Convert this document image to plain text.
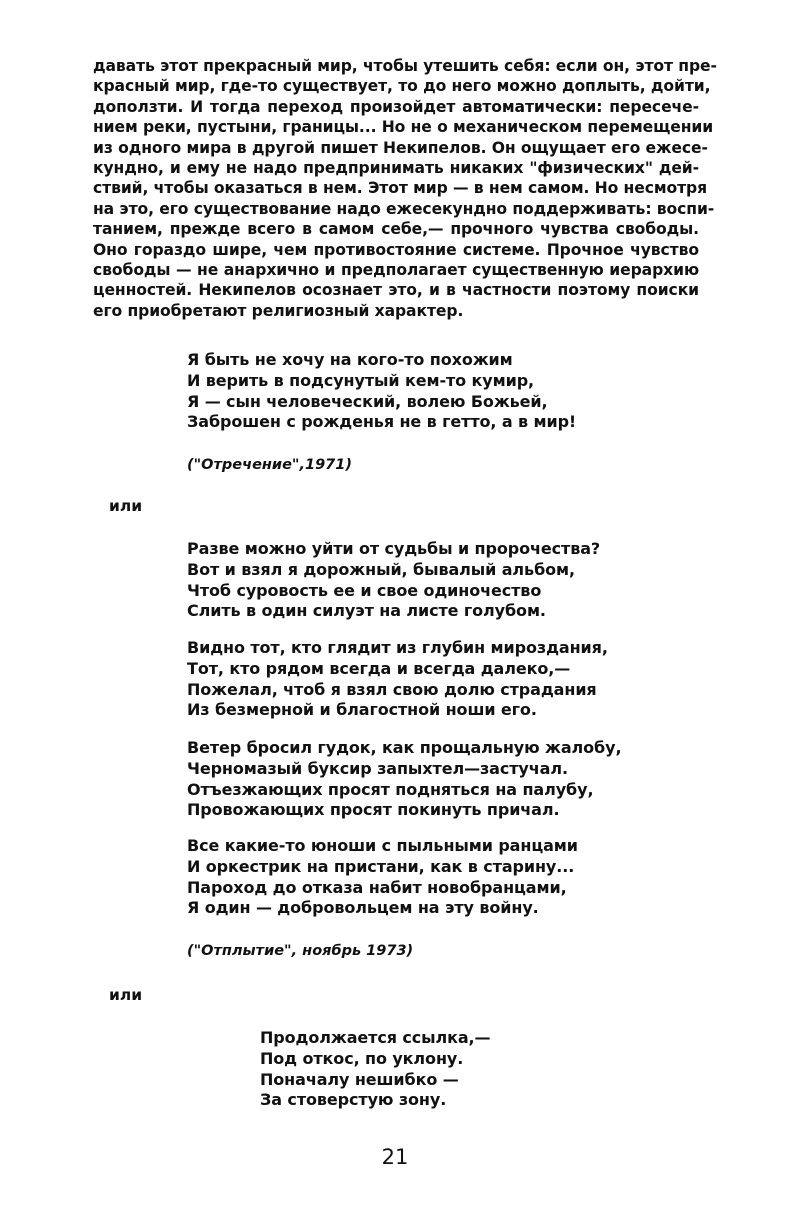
давать этот прекрасный мир, чтобы утешить себя: если он, этот пре-
красный мир, где-то существует, то до него можно доплыть, дойти,
доползти. И тогда переход произойдет автоматически: пересече-
нием реки, пустыни, границы... Но не о механическом перемещении
из одного мира в другой пишет Некипелов. Он ощущает его ежесе-
кундно, и ему не надо предпринимать никаких "физических" дей-
ствий, чтобы оказаться в нем. Этот мир — в нем самом. Но несмотря
на это, его существование надо ежесекундно поддерживать: воспи-
танием, прежде всего в самом себе,— прочного чувства свободы.
Оно гораздо шире, чем противостояние системе. Прочное чувство
свободы — не анархично и предполагает существенную иерархию
ценностей. Некипелов осознает это, и в частности поэтому поиски
его приобретают религиозный характер.
Я быть не хочу на кого-то похожим
И верить в подсунутый кем-то кумир,
Я — сын человеческий, волею Божьей,
Заброшен с рожденья не в гетто, а в мир!
("Отречение",1971)
или
Разве можно уйти от судьбы и пророчества?
Вот и взял я дорожный, бывалый альбом,
Чтоб суровость ее и свое одиночество
Слить в один силуэт на листе голубом.
Видно тот, кто глядит из глубин мироздания,
Тот, кто рядом всегда и всегда далеко,—
Пожелал, чтоб я взял свою долю страдания
Из безмерной и благостной ноши его.
Ветер бросил гудок, как прощальную жалобу,
Черномазый буксир запыхтел—застучал.
Отъезжающих просят подняться на палубу,
Провожающих просят покинуть причал.
Все какие-то юноши с пыльными ранцами
И оркестрик на пристани, как в старину...
Пароход до отказа набит новобранцами,
Я один — добровольцем на эту войну.
("Отплытие", ноябрь 1973)
или
Продолжается ссылка,—
Под откос, по уклону.
Поначалу нешибко —
За стоверстую зону.
21
